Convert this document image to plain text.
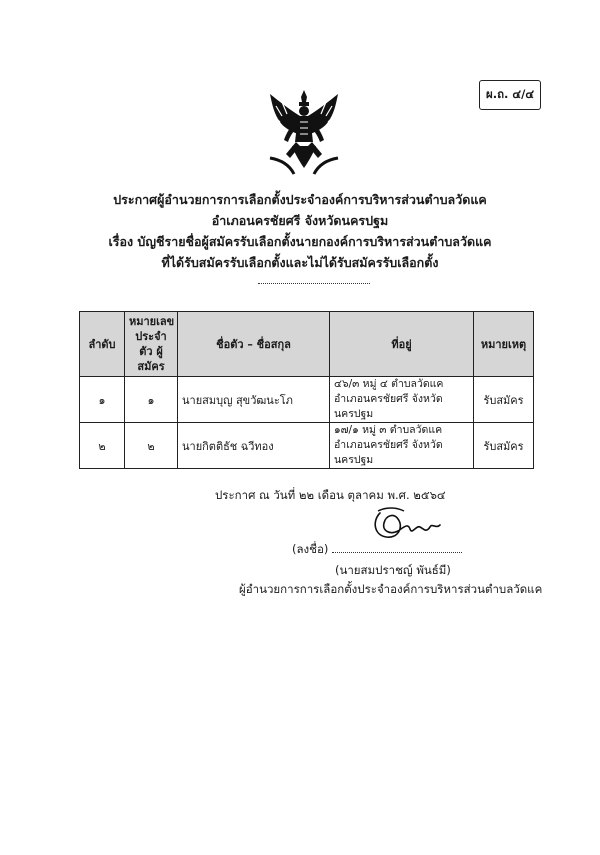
ผ.ถ. ๔/๔
ประกาศผู้อำนวยการการเลือกตั้งประจำองค์การบริหารส่วนตำบลวัดแค
อำเภอนครชัยศรี จังหวัดนครปฐม
เรื่อง บัญชีรายชื่อผู้สมัครรับเลือกตั้งนายกองค์การบริหารส่วนตำบลวัดแค
ที่ได้รับสมัครรับเลือกตั้งและไม่ได้รับสมัครรับเลือกตั้ง
ลำดับ	หมายเลข ประจำตัว ผู้สมัคร	ชื่อตัว – ชื่อสกุล	ที่อยู่	หมายเหตุ
๑	๑	นายสมบุญ สุขวัฒนะโภ	๔๖/๓ หมู่ ๔ ตำบลวัดแค
อำเภอนครชัยศรี จังหวัดนครปฐม	รับสมัคร
๒	๒	นายกิตติธัช ฉวีทอง	๑๗/๑ หมู่ ๓ ตำบลวัดแค
อำเภอนครชัยศรี จังหวัดนครปฐม	รับสมัคร
ประกาศ ณ วันที่ ๒๒ เดือน ตุลาคม พ.ศ. ๒๕๖๔
(ลงชื่อ)
(นายสมปราชญ์ พันธ์มี)
ผู้อำนวยการการเลือกตั้งประจำองค์การบริหารส่วนตำบลวัดแค
